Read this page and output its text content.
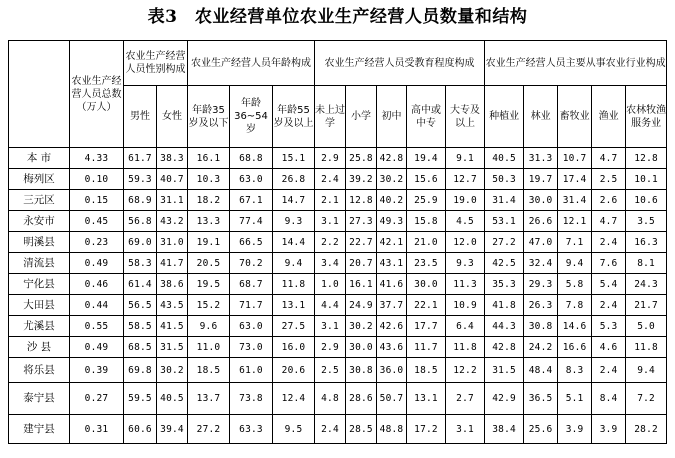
表3　农业经营单位农业生产经营人员数量和结构
	农业生产经营人员总数（万人）	农业生产经营人员性别构成		农业生产经营人员年龄构成			农业生产经营人员受教育程度构成					农业生产经营人员主要从事农业行业构成				
		男性	女性	年龄35岁及以下	年龄36~54岁	年龄55岁及以上	未上过学	小学	初中	高中或中专	大专及以上	种植业	林业	畜牧业	渔业	农林牧渔服务业
本 市	4.33	61.7	38.3	16.1	68.8	15.1	2.9	25.8	42.8	19.4	9.1	40.5	31.3	10.7	4.7	12.8
梅列区	0.10	59.3	40.7	10.3	63.0	26.8	2.4	39.2	30.2	15.6	12.7	50.3	19.7	17.4	2.5	10.1
三元区	0.15	68.9	31.1	18.2	67.1	14.7	2.1	12.8	40.2	25.9	19.0	31.4	30.0	31.4	2.6	10.6
永安市	0.45	56.8	43.2	13.3	77.4	9.3	3.1	27.3	49.3	15.8	4.5	53.1	26.6	12.1	4.7	3.5
明溪县	0.23	69.0	31.0	19.1	66.5	14.4	2.2	22.7	42.1	21.0	12.0	27.2	47.0	7.1	2.4	16.3
清流县	0.49	58.3	41.7	20.5	70.2	9.4	3.4	20.7	43.1	23.5	9.3	42.5	32.4	9.4	7.6	8.1
宁化县	0.46	61.4	38.6	19.5	68.7	11.8	1.0	16.1	41.6	30.0	11.3	35.3	29.3	5.8	5.4	24.3
大田县	0.44	56.5	43.5	15.2	71.7	13.1	4.4	24.9	37.7	22.1	10.9	41.8	26.3	7.8	2.4	21.7
尤溪县	0.55	58.5	41.5	9.6	63.0	27.5	3.1	30.2	42.6	17.7	6.4	44.3	30.8	14.6	5.3	5.0
沙 县	0.49	68.5	31.5	11.0	73.0	16.0	2.9	30.0	43.6	11.7	11.8	42.8	24.2	16.6	4.6	11.8
将乐县	0.39	69.8	30.2	18.5	61.0	20.6	2.5	30.8	36.0	18.5	12.2	31.5	48.4	8.3	2.4	9.4
泰宁县	0.27	59.5	40.5	13.7	73.8	12.4	4.8	28.6	50.7	13.1	2.7	42.9	36.5	5.1	8.4	7.2
建宁县	0.31	60.6	39.4	27.2	63.3	9.5	2.4	28.5	48.8	17.2	3.1	38.4	25.6	3.9	3.9	28.2
